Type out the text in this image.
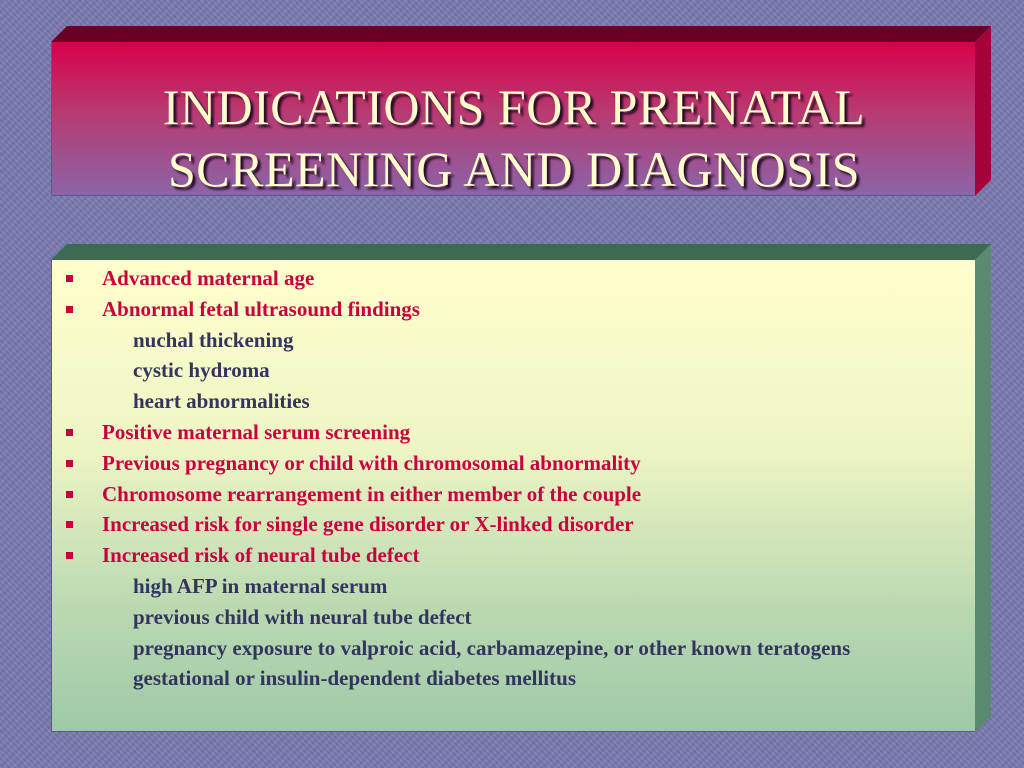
INDICATIONS FOR PRENATAL
SCREENING AND DIAGNOSIS
Advanced maternal age
Abnormal fetal ultrasound findings
nuchal thickening
cystic hydroma
heart abnormalities
Positive maternal serum screening
Previous pregnancy or child with chromosomal abnormality
Chromosome rearrangement in either member of the couple
Increased risk for single gene disorder or X-linked disorder
Increased risk of neural tube defect
high AFP in maternal serum
previous child with neural tube defect
pregnancy exposure to valproic acid, carbamazepine, or other known teratogens
gestational or insulin-dependent diabetes mellitus
